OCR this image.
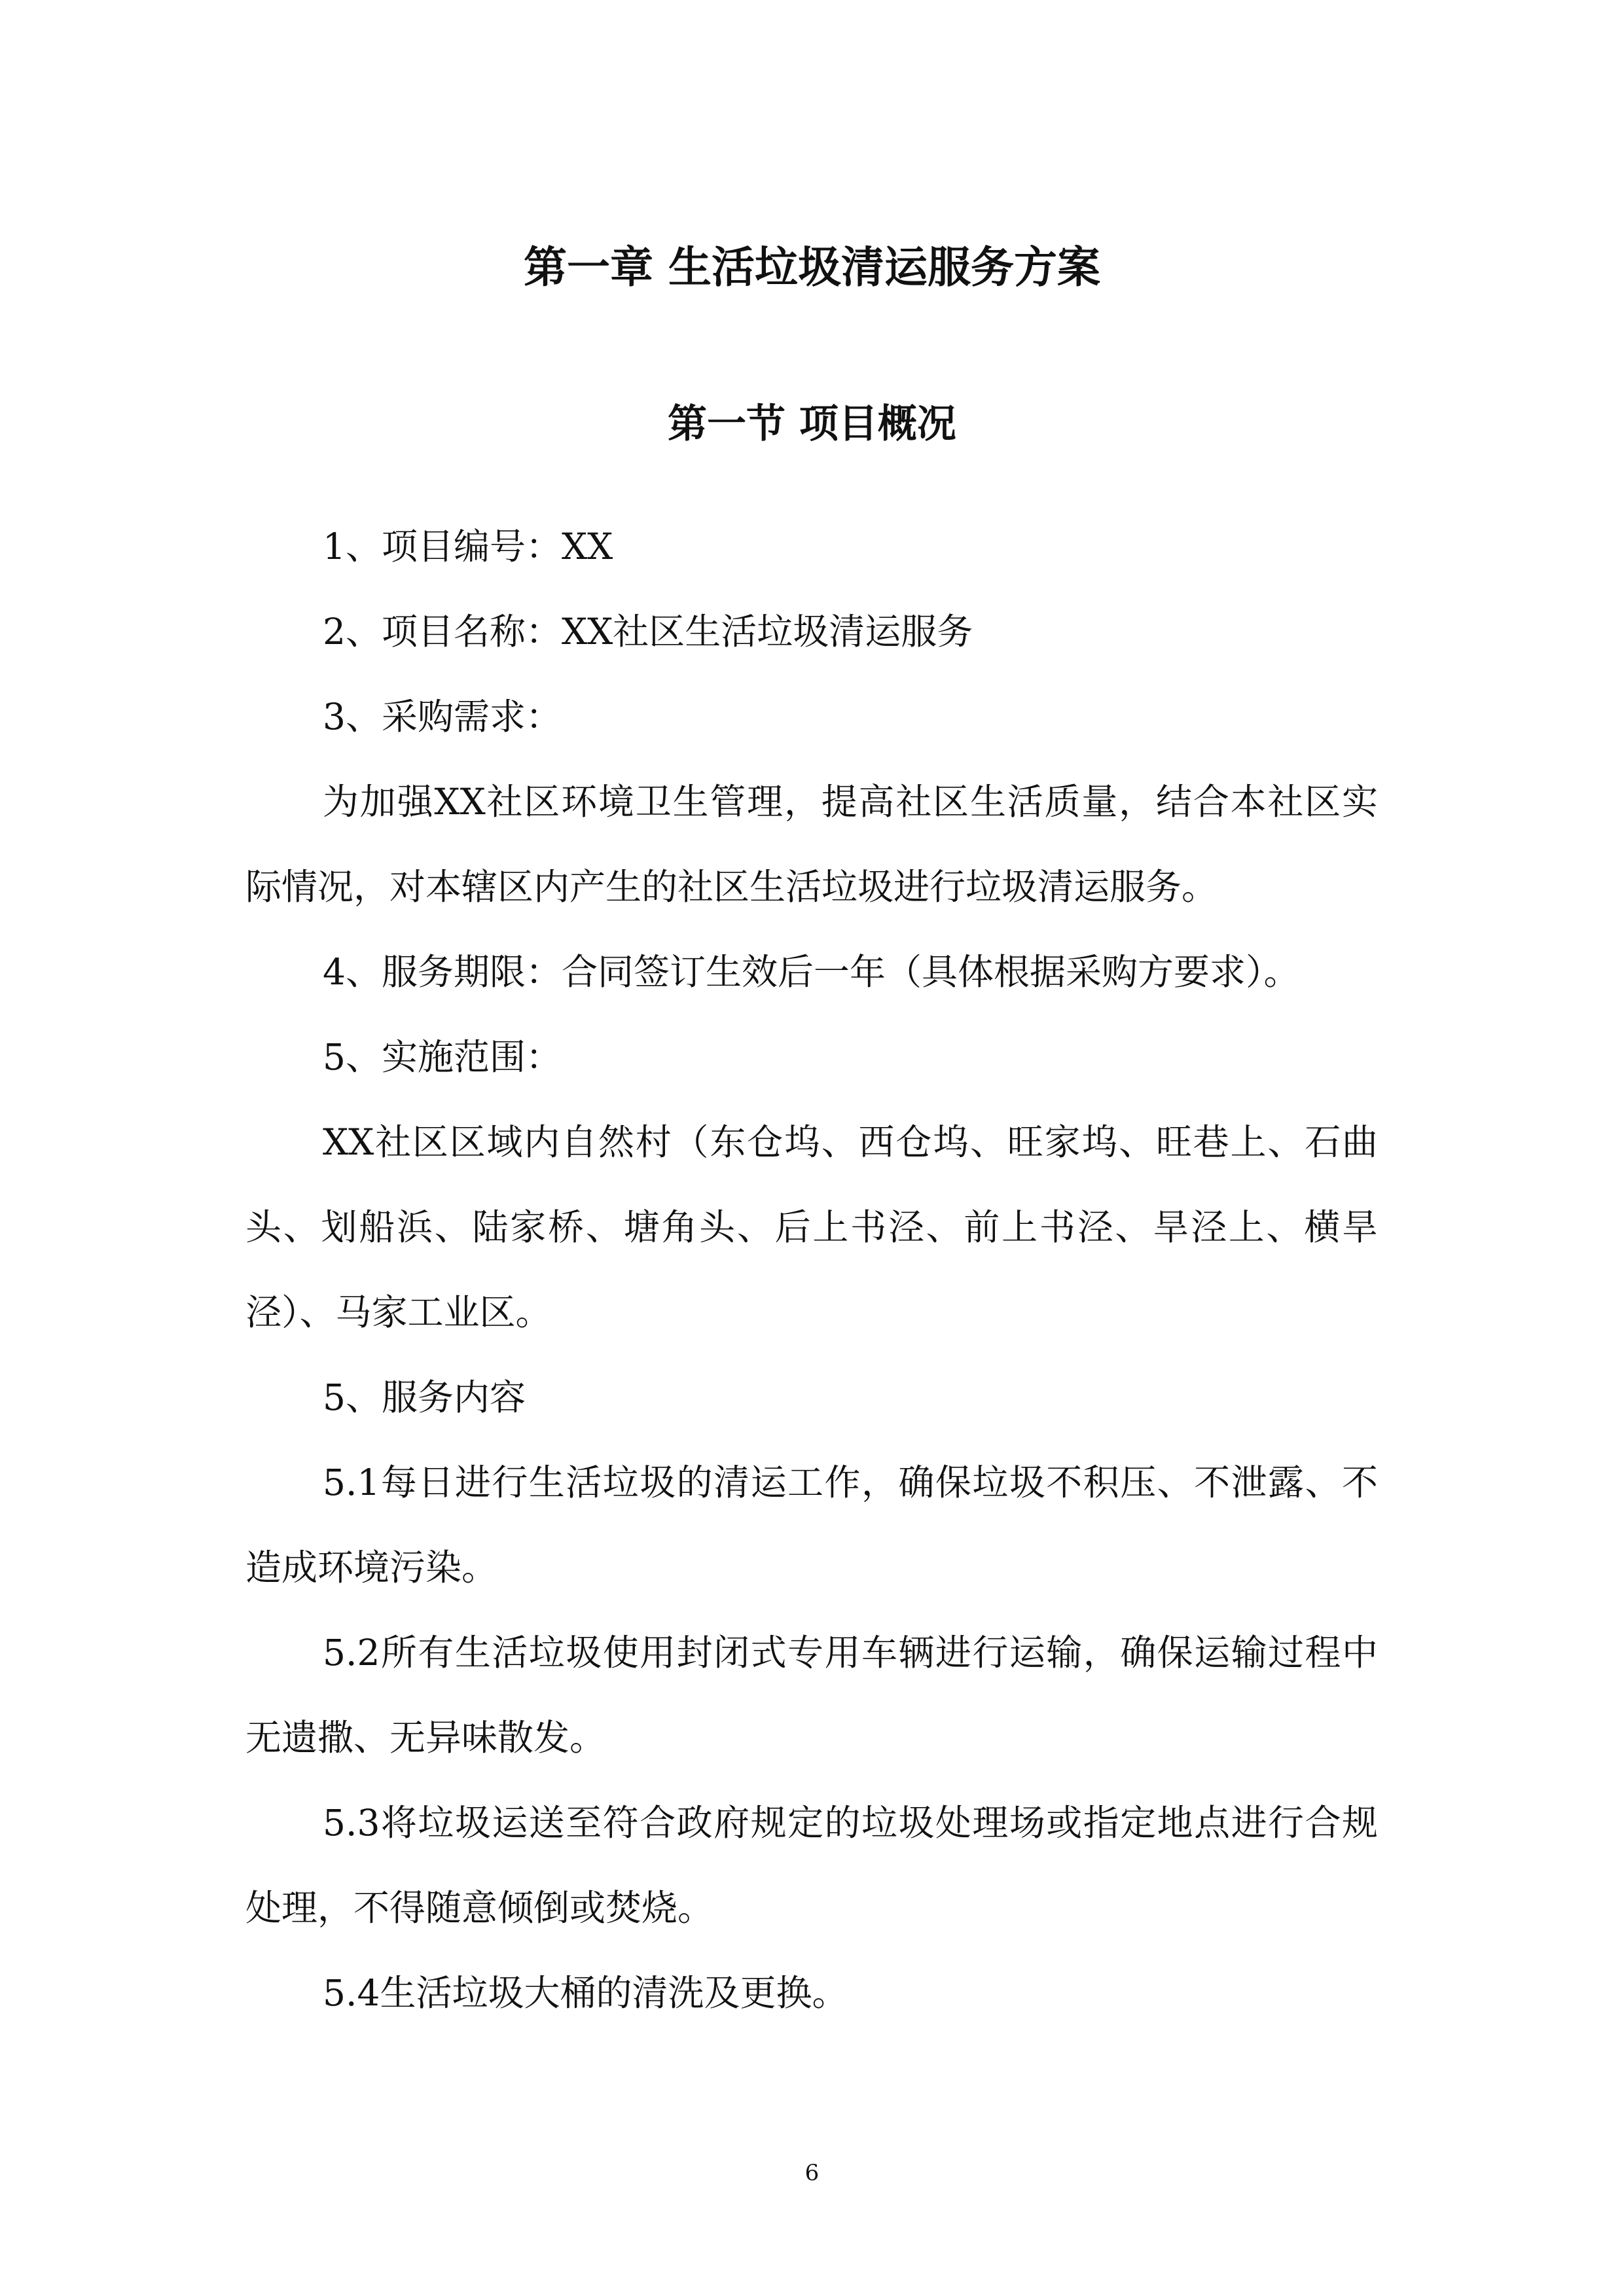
第一章 生活垃圾清运服务方案
第一节 项目概况

1、项目编号：XX

2、项目名称：XX社区生活垃圾清运服务

3、采购需求：

为加强XX社区环境卫生管理，提高社区生活质量，结合本社区实际情况，对本辖区内产生的社区生活垃圾进行垃圾清运服务。

4、服务期限：合同签订生效后一年（具体根据采购方要求）。

5、实施范围：

XX社区区域内自然村（东仓坞、西仓坞、旺家坞、旺巷上、石曲头、划船浜、陆家桥、塘角头、后上书泾、前上书泾、旱泾上、横旱泾）、马家工业区。

5、服务内容

5.1每日进行生活垃圾的清运工作，确保垃圾不积压、不泄露、不造成环境污染。

5.2所有生活垃圾使用封闭式专用车辆进行运输，确保运输过程中无遗撒、无异味散发。

5.3将垃圾运送至符合政府规定的垃圾处理场或指定地点进行合规处理，不得随意倾倒或焚烧。

5.4生活垃圾大桶的清洗及更换。

6
